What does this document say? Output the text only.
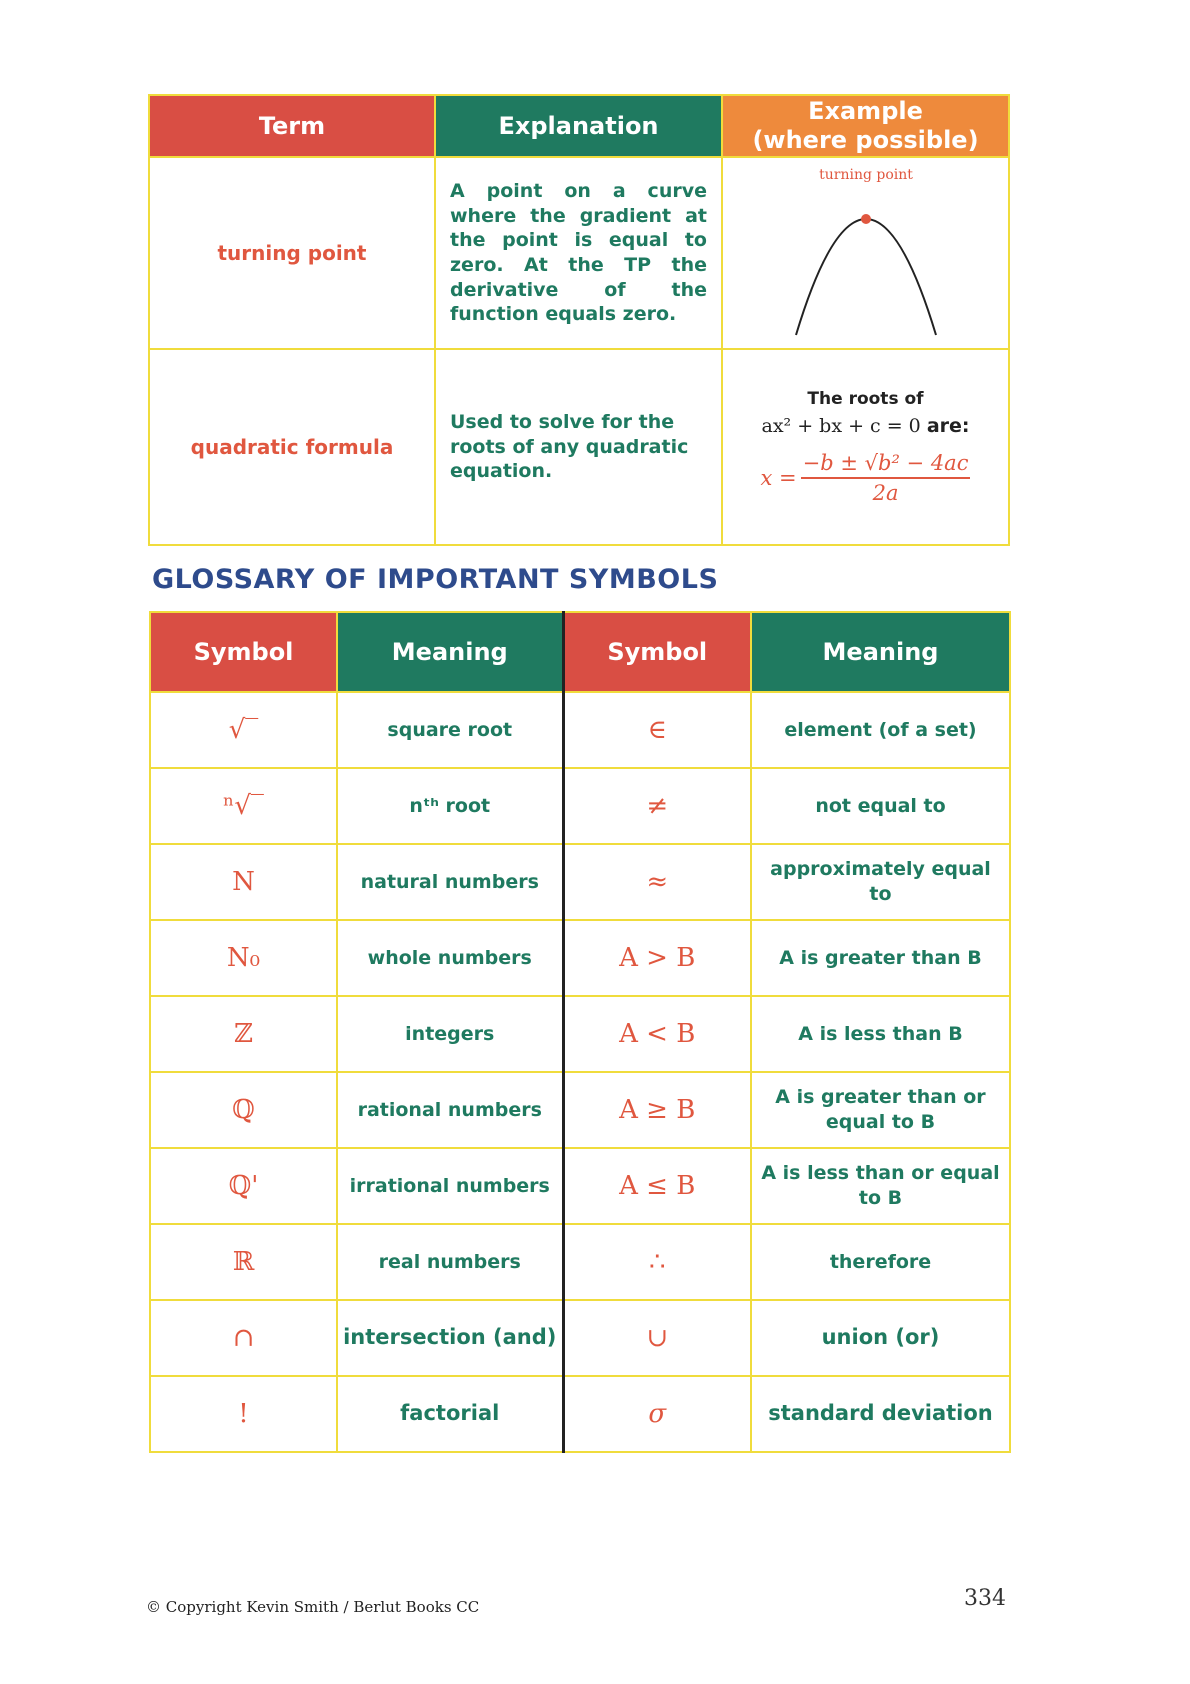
Term	Explanation	Example
(where possible)

turning point	A point on a curve where the gradient at the point is equal to zero. At the TP the derivative of the function equals zero.	turning point

quadratic formula	Used to solve for the roots of any quadratic equation.	The roots of
ax² + bx + c = 0 are:
$x = \frac{\text{−b ± √b² − 4ac}}{2a}$
GLOSSARY OF IMPORTANT SYMBOLS
Symbol	Meaning	Symbol	Meaning
√‾	square root	∈	element (of a set)
ⁿ√‾	nᵗʰ root	≠	not equal to
N	natural numbers	≈	approximately equal to
N₀	whole numbers	A > B	A is greater than B
ℤ	integers	A < B	A is less than B
ℚ	rational numbers	A ≥ B	A is greater than or equal to B
ℚ'	irrational numbers	A ≤ B	A is less than or equal to B
ℝ	real numbers	∴	therefore
∩	intersection (and)	∪	union (or)
!	factorial	σ	standard deviation
© Copyright Kevin Smith / Berlut Books CC	334
